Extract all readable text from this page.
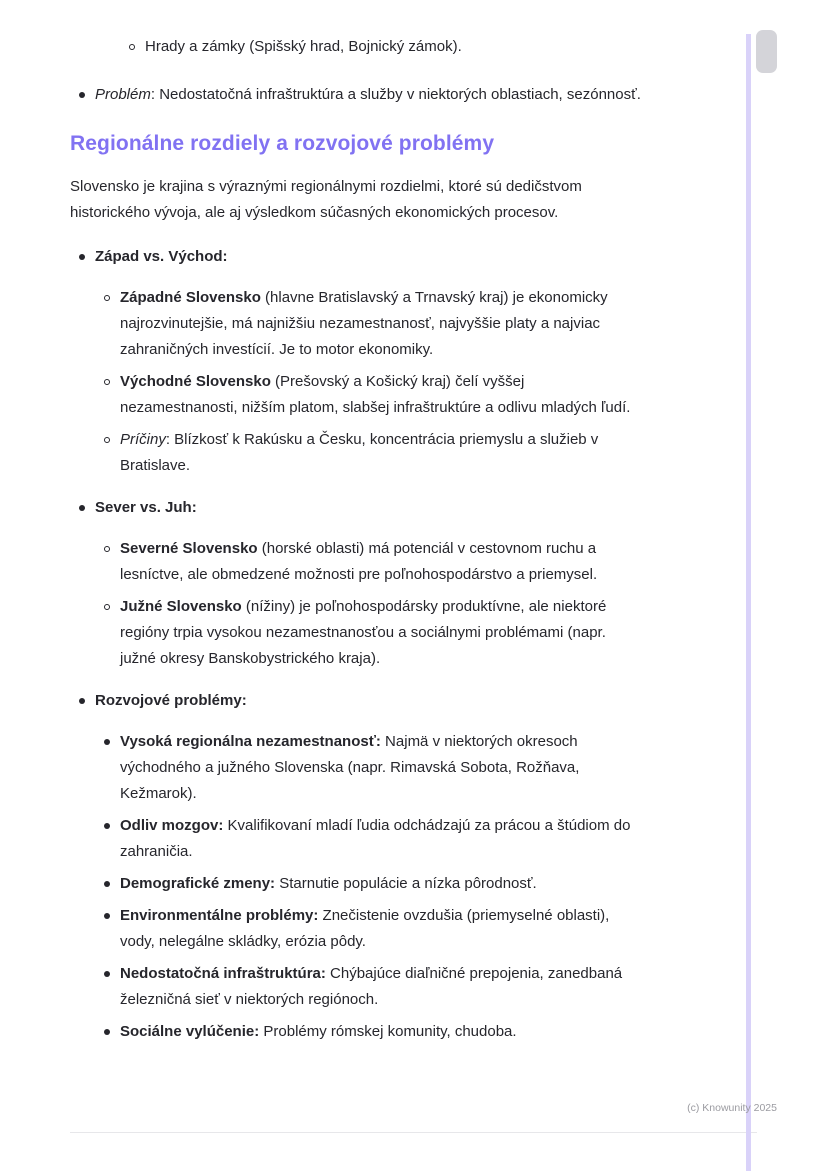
Hrady a zámky (Spišský hrad, Bojnický zámok).
Problém: Nedostatočná infraštruktúra a služby v niektorých oblastiach, sezónnosť.
Regionálne rozdiely a rozvojové problémy

Slovensko je krajina s výraznými regionálnymi rozdielmi, ktoré sú dedičstvom historického vývoja, ale aj výsledkom súčasných ekonomických procesov.

Západ vs. Východ:
Západné Slovensko (hlavne Bratislavský a Trnavský kraj) je ekonomicky najrozvinutejšie, má najnižšiu nezamestnanosť, najvyššie platy a najviac zahraničných investícií. Je to motor ekonomiky.
Východné Slovensko (Prešovský a Košický kraj) čelí vyššej nezamestnanosti, nižším platom, slabšej infraštruktúre a odlivu mladých ľudí.
Príčiny: Blízkosť k Rakúsku a Česku, koncentrácia priemyslu a služieb v Bratislave.
Sever vs. Juh:
Severné Slovensko (horské oblasti) má potenciál v cestovnom ruchu a lesníctve, ale obmedzené možnosti pre poľnohospodárstvo a priemysel.
Južné Slovensko (nížiny) je poľnohospodársky produktívne, ale niektoré regióny trpia vysokou nezamestnanosťou a sociálnymi problémami (napr. južné okresy Banskobystrického kraja).
Rozvojové problémy:
Vysoká regionálna nezamestnanosť: Najmä v niektorých okresoch východného a južného Slovenska (napr. Rimavská Sobota, Rožňava, Kežmarok).
Odliv mozgov: Kvalifikovaní mladí ľudia odchádzajú za prácou a štúdiom do zahraničia.
Demografické zmeny: Starnutie populácie a nízka pôrodnosť.
Environmentálne problémy: Znečistenie ovzdušia (priemyselné oblasti), vody, nelegálne skládky, erózia pôdy.
Nedostatočná infraštruktúra: Chýbajúce diaľničné prepojenia, zanedbaná železničná sieť v niektorých regiónoch.
Sociálne vylúčenie: Problémy rómskej komunity, chudoba.
(c) Knowunity 2025
